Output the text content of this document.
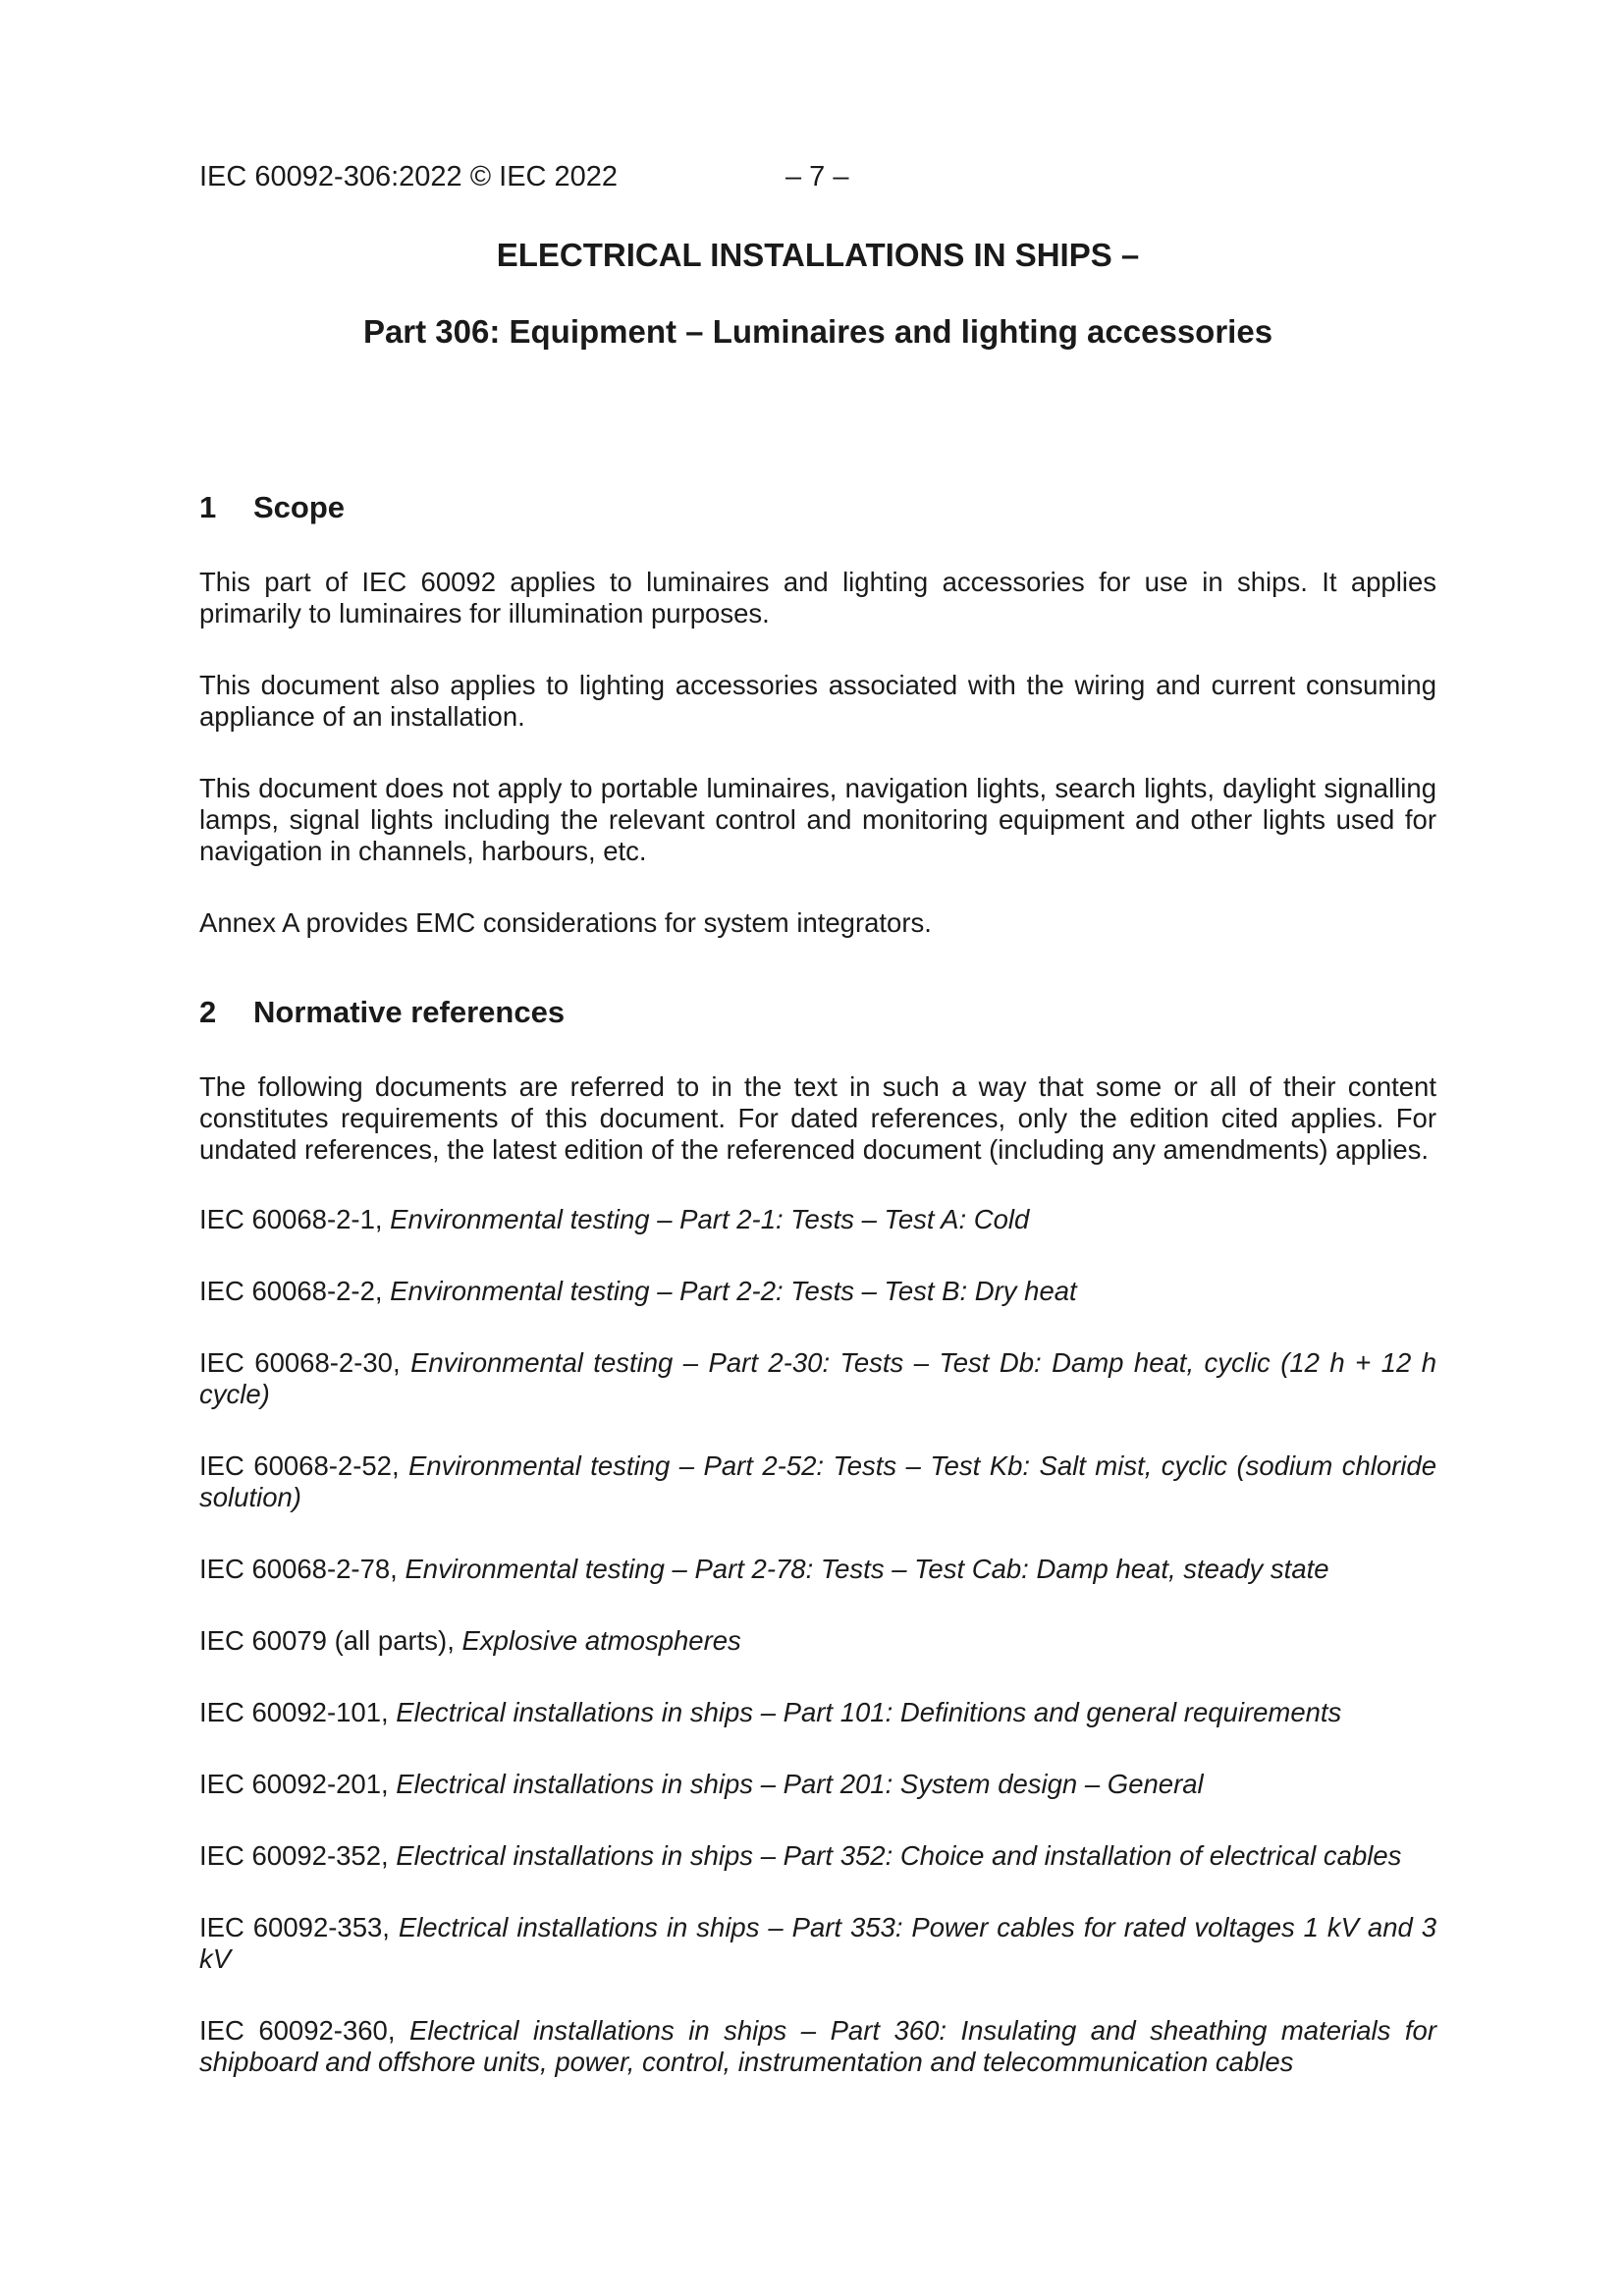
IEC 60092-306:2022 © IEC 2022	– 7 –
ELECTRICAL INSTALLATIONS IN SHIPS –
Part 306: Equipment – Luminaires and lighting accessories
1	Scope

This part of IEC 60092 applies to luminaires and lighting accessories for use in ships. It applies primarily to luminaires for illumination purposes.

This document also applies to lighting accessories associated with the wiring and current consuming appliance of an installation.

This document does not apply to portable luminaires, navigation lights, search lights, daylight signalling lamps, signal lights including the relevant control and monitoring equipment and other lights used for navigation in channels, harbours, etc.

Annex A provides EMC considerations for system integrators.

2	Normative references

The following documents are referred to in the text in such a way that some or all of their content constitutes requirements of this document. For dated references, only the edition cited applies. For undated references, the latest edition of the referenced document (including any amendments) applies.

IEC 60068-2-1, Environmental testing – Part 2-1: Tests – Test A: Cold

IEC 60068-2-2, Environmental testing – Part 2-2: Tests – Test B: Dry heat

IEC 60068-2-30, Environmental testing – Part 2-30: Tests – Test Db: Damp heat, cyclic (12 h + 12 h cycle)

IEC 60068-2-52, Environmental testing – Part 2-52: Tests – Test Kb: Salt mist, cyclic (sodium chloride solution)

IEC 60068-2-78, Environmental testing – Part 2-78: Tests – Test Cab: Damp heat, steady state

IEC 60079 (all parts), Explosive atmospheres

IEC 60092-101, Electrical installations in ships – Part 101: Definitions and general requirements

IEC 60092-201, Electrical installations in ships – Part 201: System design – General

IEC 60092-352, Electrical installations in ships – Part 352: Choice and installation of electrical cables

IEC 60092-353, Electrical installations in ships – Part 353: Power cables for rated voltages 1 kV and 3 kV

IEC 60092-360, Electrical installations in ships – Part 360: Insulating and sheathing materials for shipboard and offshore units, power, control, instrumentation and telecommunication cables
